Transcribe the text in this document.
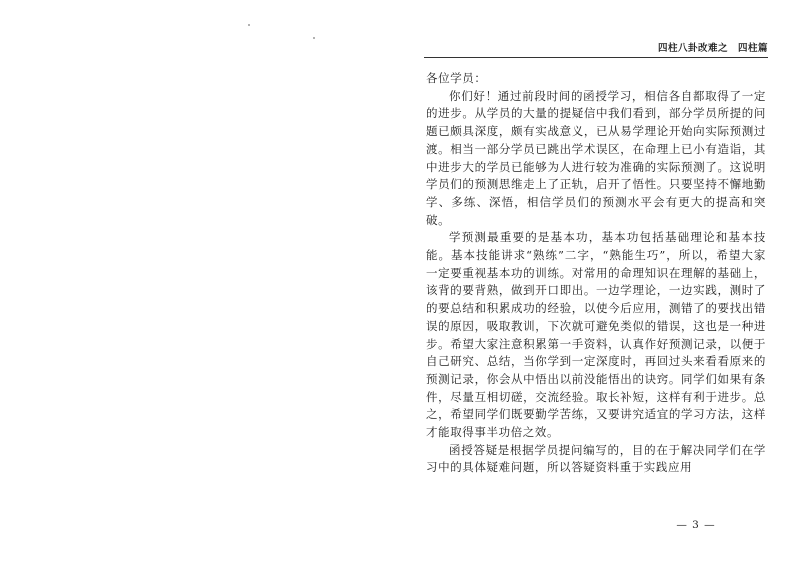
四柱八卦改难之 四柱篇

各位学员：

你们好！通过前段时间的函授学习，相信各自都取得了一定的进步。从学员的大量的提疑信中我们看到，部分学员所提的问题已颇具深度，颇有实战意义，已从易学理论开始向实际预测过渡。相当一部分学员已跳出学术误区，在命理上已小有造诣，其中进步大的学员已能够为人进行较为准确的实际预测了。这说明学员们的预测思维走上了正轨，启开了悟性。只要坚持不懈地勤学、多练、深悟，相信学员们的预测水平会有更大的提高和突破。

学预测最重要的是基本功，基本功包括基础理论和基本技能。基本技能讲求“熟练”二字，“熟能生巧”，所以，希望大家一定要重视基本功的训练。对常用的命理知识在理解的基础上，该背的要背熟，做到开口即出。一边学理论，一边实践，测时了的要总结和积累成功的经验，以使今后应用，测错了的要找出错误的原因，吸取教训，下次就可避免类似的错误，这也是一种进步。希望大家注意积累第一手资料，认真作好预测记录，以便于自己研究、总结，当你学到一定深度时，再回过头来看看原来的预测记录，你会从中悟出以前没能悟出的诀窍。同学们如果有条件，尽量互相切磋，交流经验。取长补短，这样有利于进步。总之，希望同学们既要勤学苦练，又要讲究适宜的学习方法，这样才能取得事半功倍之效。

函授答疑是根据学员提问编写的，目的在于解决同学们在学习中的具体疑难问题，所以答疑资料重于实践应用

— 3 —
